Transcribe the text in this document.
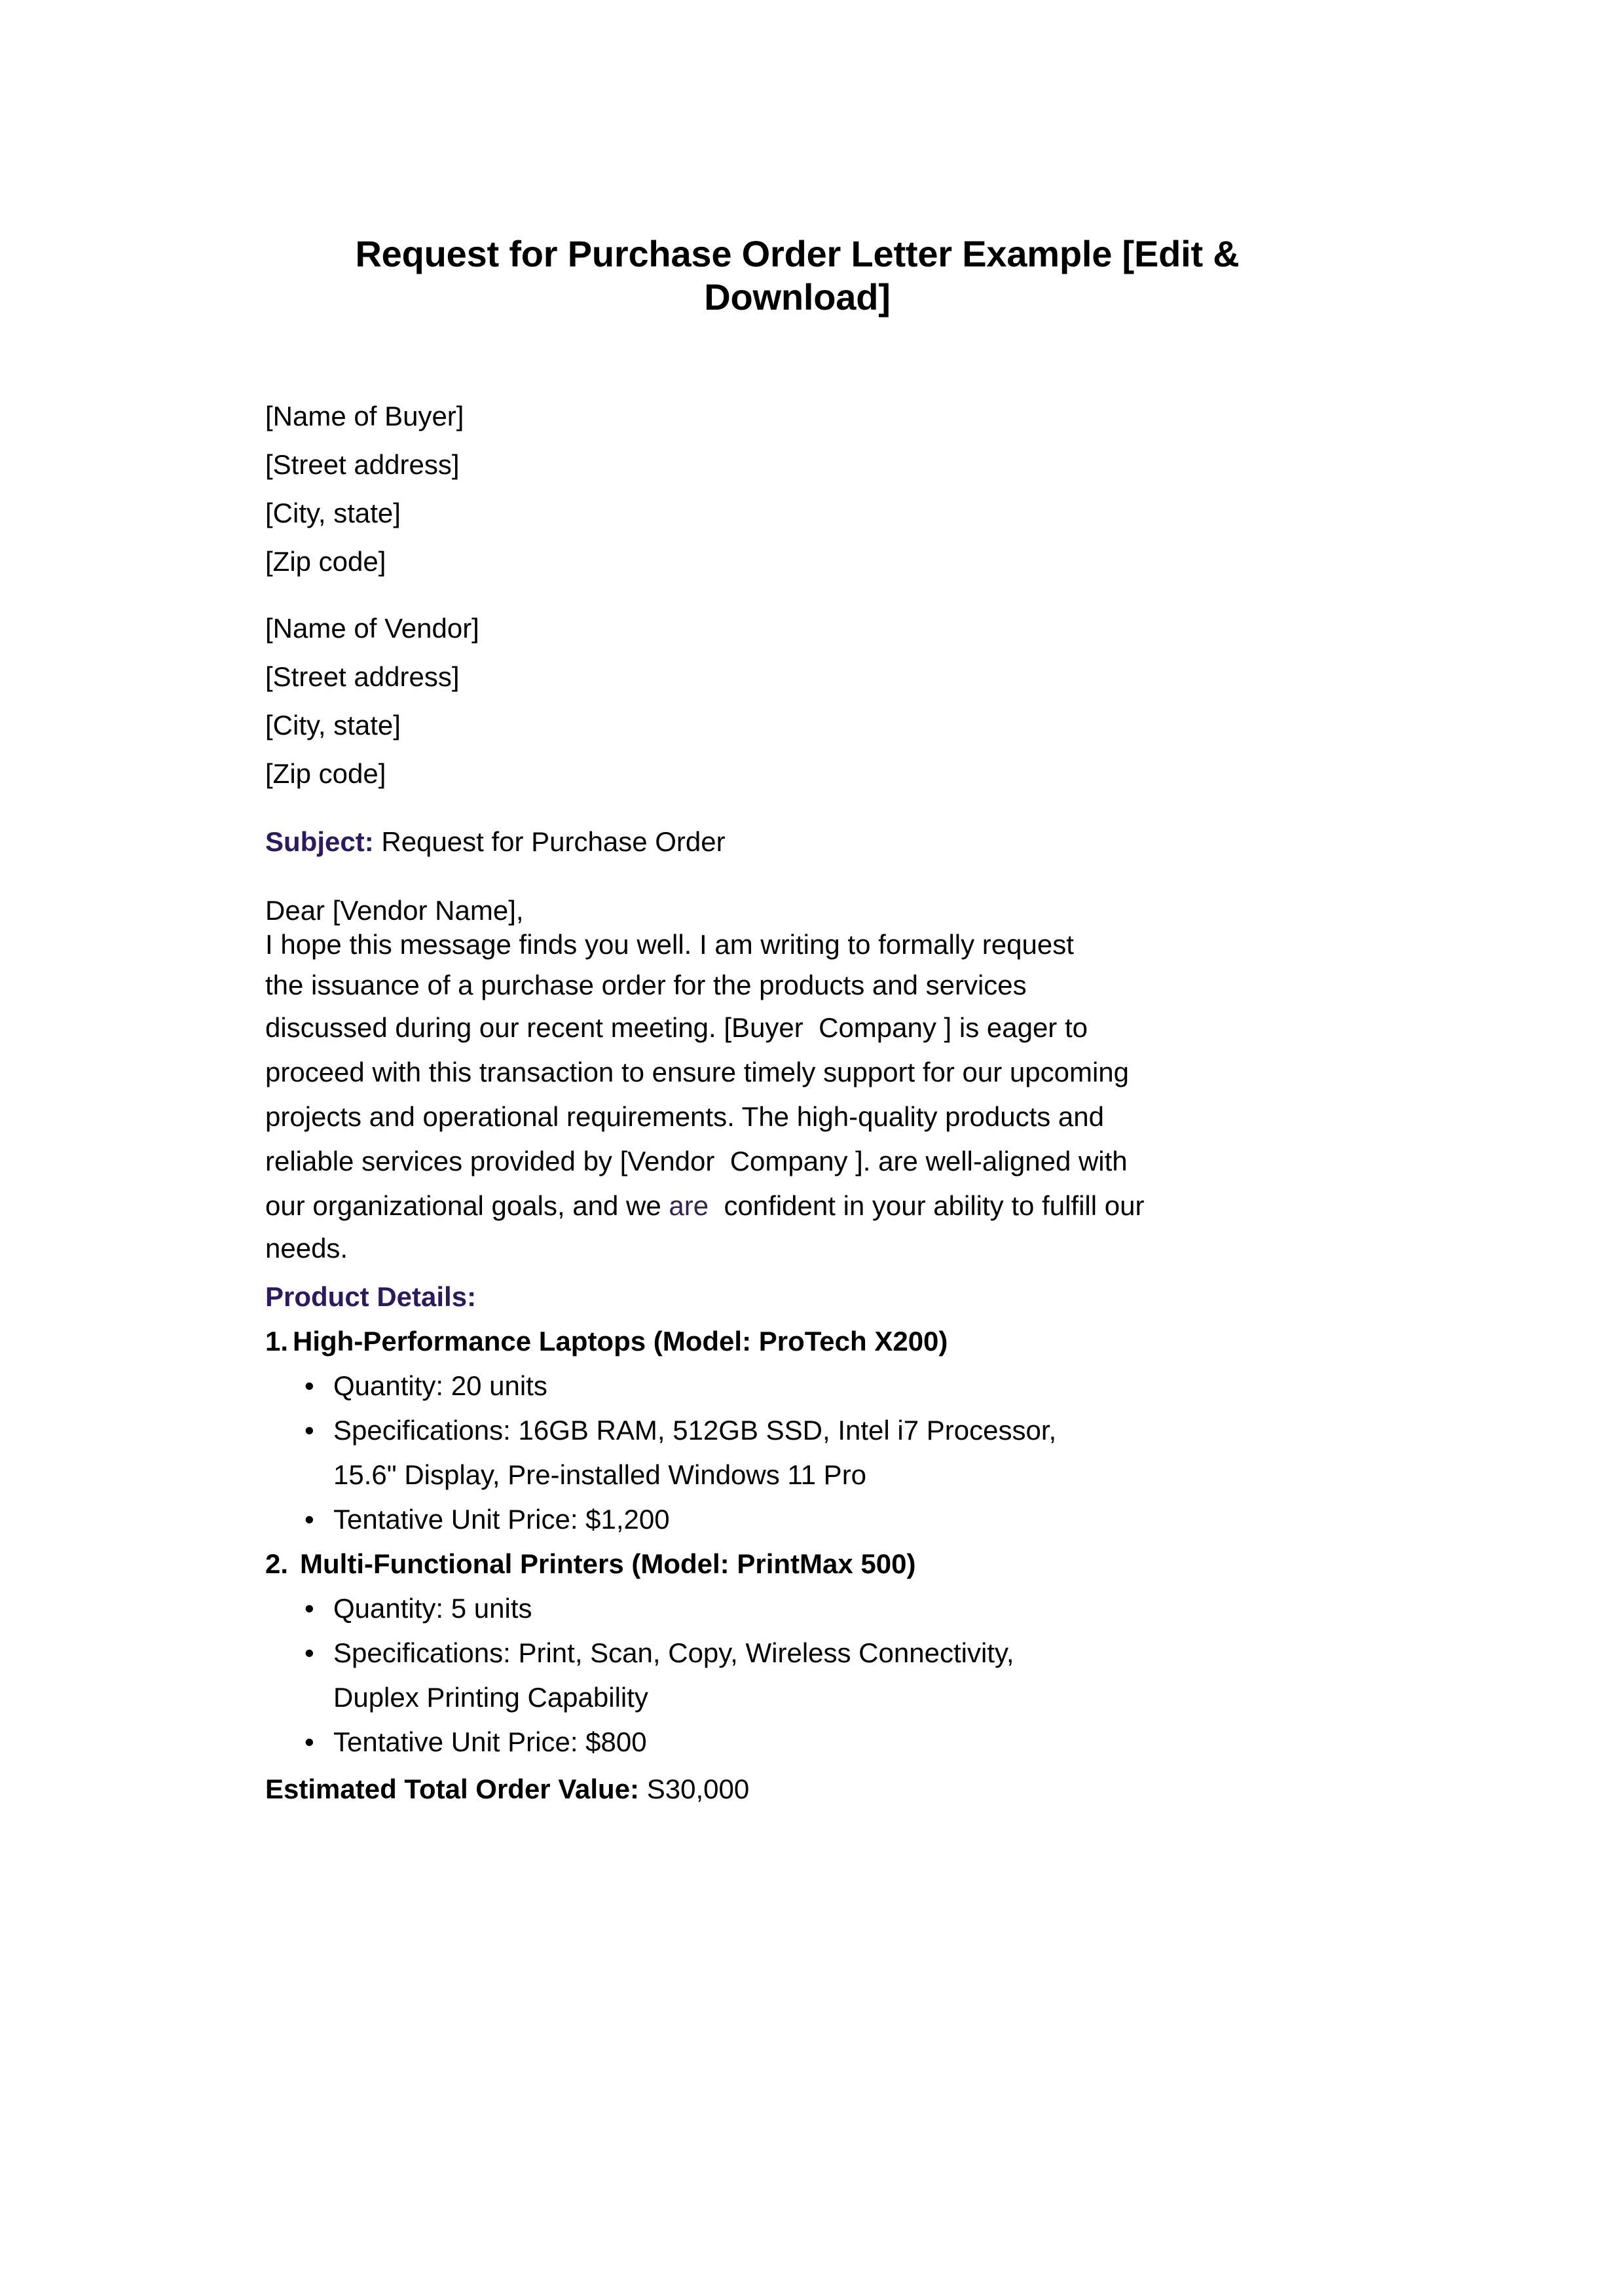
Request for Purchase Order Letter Example [Edit & Download]

[Name of Buyer]

[Street address]

[City, state]

[Zip code]

[Name of Vendor]

[Street address]

[City, state]

[Zip code]

Subject: Request for Purchase Order

Dear [Vendor Name],

I hope this message finds you well. I am writing to formally request

the issuance of a purchase order for the products and services

discussed during our recent meeting. [Buyer  Company ] is eager to

proceed with this transaction to ensure timely support for our upcoming

projects and operational requirements. The high-quality products and

reliable services provided by [Vendor  Company ]. are well-aligned with

our organizational goals, and we are  confident in your ability to fulfill our

needs.

Product Details:

1. High-Performance Laptops (Model: ProTech X200)

• Quantity: 20 units
• Specifications: 16GB RAM, 512GB SSD, Intel i7 Processor,
15.6" Display, Pre-installed Windows 11 Pro
• Tentative Unit Price: $1,200

2. Multi-Functional Printers (Model: PrintMax 500)

• Quantity: 5 units
• Specifications: Print, Scan, Copy, Wireless Connectivity,
Duplex Printing Capability
• Tentative Unit Price: $800

Estimated Total Order Value: S30,000
